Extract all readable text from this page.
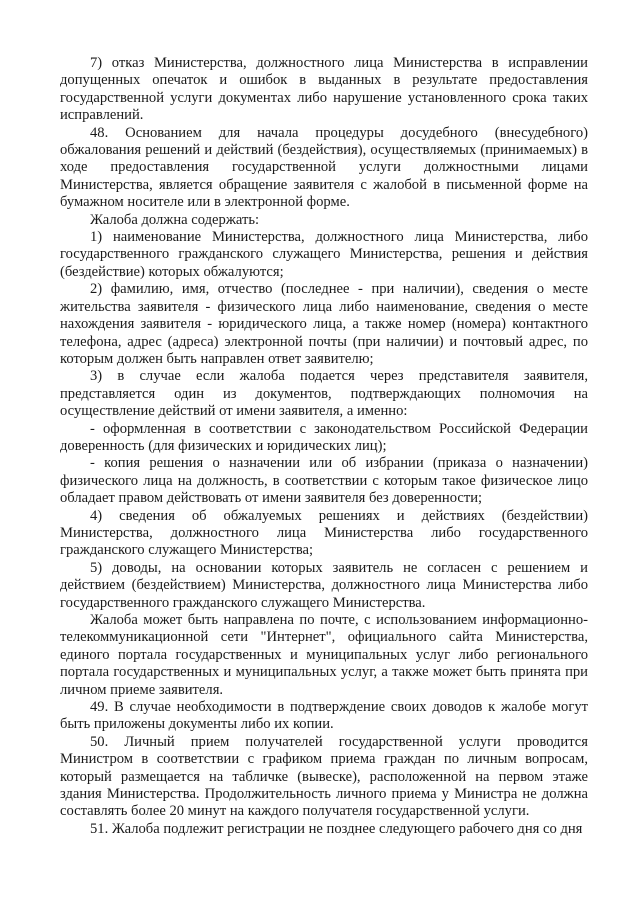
7) отказ Министерства, должностного лица Министерства в исправлении допущенных опечаток и ошибок в выданных в результате предоставления государственной услуги документах либо нарушение установленного срока таких исправлений.

48. Основанием для начала процедуры досудебного (внесудебного) обжалования решений и действий (бездействия), осуществляемых (принимаемых) в ходе предоставления государственной услуги должностными лицами Министерства, является обращение заявителя с жалобой в письменной форме на бумажном носителе или в электронной форме.

Жалоба должна содержать:

1) наименование Министерства, должностного лица Министерства, либо государственного гражданского служащего Министерства, решения и действия (бездействие) которых обжалуются;

2) фамилию, имя, отчество (последнее - при наличии), сведения о месте жительства заявителя - физического лица либо наименование, сведения о месте нахождения заявителя - юридического лица, а также номер (номера) контактного телефона, адрес (адреса) электронной почты (при наличии) и почтовый адрес, по которым должен быть направлен ответ заявителю;

3) в случае если жалоба подается через представителя заявителя, представляется один из документов, подтверждающих полномочия на осуществление действий от имени заявителя, а именно:

- оформленная в соответствии с законодательством Российской Федерации доверенность (для физических и юридических лиц);

- копия решения о назначении или об избрании (приказа о назначении) физического лица на должность, в соответствии с которым такое физическое лицо обладает правом действовать от имени заявителя без доверенности;

4) сведения об обжалуемых решениях и действиях (бездействии) Министерства, должностного лица Министерства либо государственного гражданского служащего Министерства;

5) доводы, на основании которых заявитель не согласен с решением и действием (бездействием) Министерства, должностного лица Министерства либо государственного гражданского служащего Министерства.

Жалоба может быть направлена по почте, с использованием информационно-телекоммуникационной сети "Интернет", официального сайта Министерства, единого портала государственных и муниципальных услуг либо регионального портала государственных и муниципальных услуг, а также может быть принята при личном приеме заявителя.

49. В случае необходимости в подтверждение своих доводов к жалобе могут быть приложены документы либо их копии.

50. Личный прием получателей государственной услуги проводится Министром в соответствии с графиком приема граждан по личным вопросам, который размещается на табличке (вывеске), расположенной на первом этаже здания Министерства. Продолжительность личного приема у Министра не должна составлять более 20 минут на каждого получателя государственной услуги.

51. Жалоба подлежит регистрации не позднее следующего рабочего дня со дня
